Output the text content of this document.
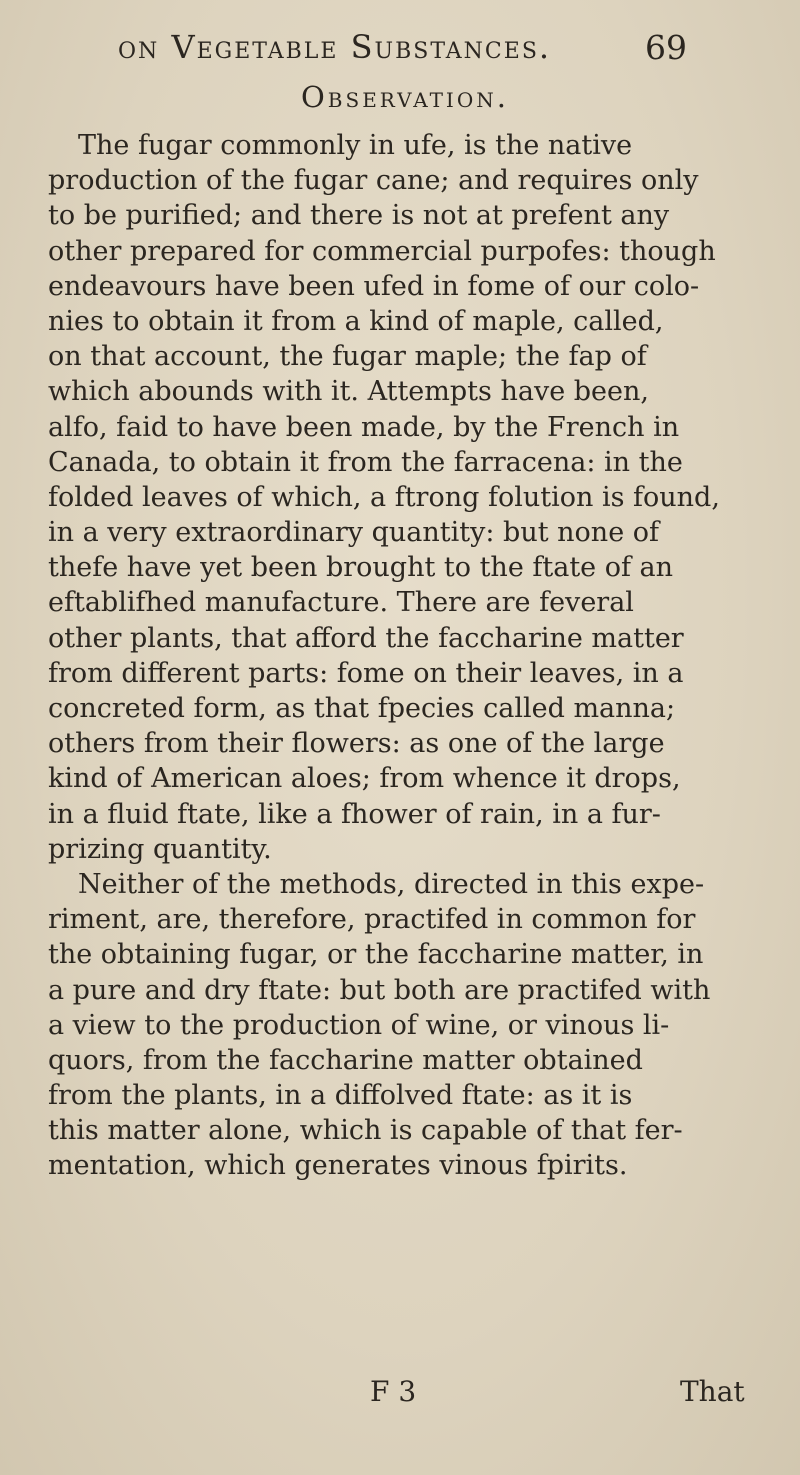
on Vegetable Substances.	69
Observation.
The fugar commonly in ufe, is the native
production of the fugar cane; and requires only
to be purified; and there is not at prefent any
other prepared for commercial purpofes: though
endeavours have been ufed in fome of our colo-
nies to obtain it from a kind of maple, called,
on that account, the fugar maple; the fap of
which abounds with it. Attempts have been,
alfo, faid to have been made, by the French in
Canada, to obtain it from the farracena: in the
folded leaves of which, a ftrong folution is found,
in a very extraordinary quantity: but none of
thefe have yet been brought to the ftate of an
eftablifhed manufacture. There are feveral
other plants, that afford the faccharine matter
from different parts: fome on their leaves, in a
concreted form, as that fpecies called manna;
others from their flowers: as one of the large
kind of American aloes; from whence it drops,
in a fluid ftate, like a fhower of rain, in a fur-
prizing quantity.
Neither of the methods, directed in this expe-
riment, are, therefore, practifed in common for
the obtaining fugar, or the faccharine matter, in
a pure and dry ftate: but both are practifed with
a view to the production of wine, or vinous li-
quors, from the faccharine matter obtained
from the plants, in a diffolved ftate: as it is
this matter alone, which is capable of that fer-
mentation, which generates vinous fpirits.
F 3	That
